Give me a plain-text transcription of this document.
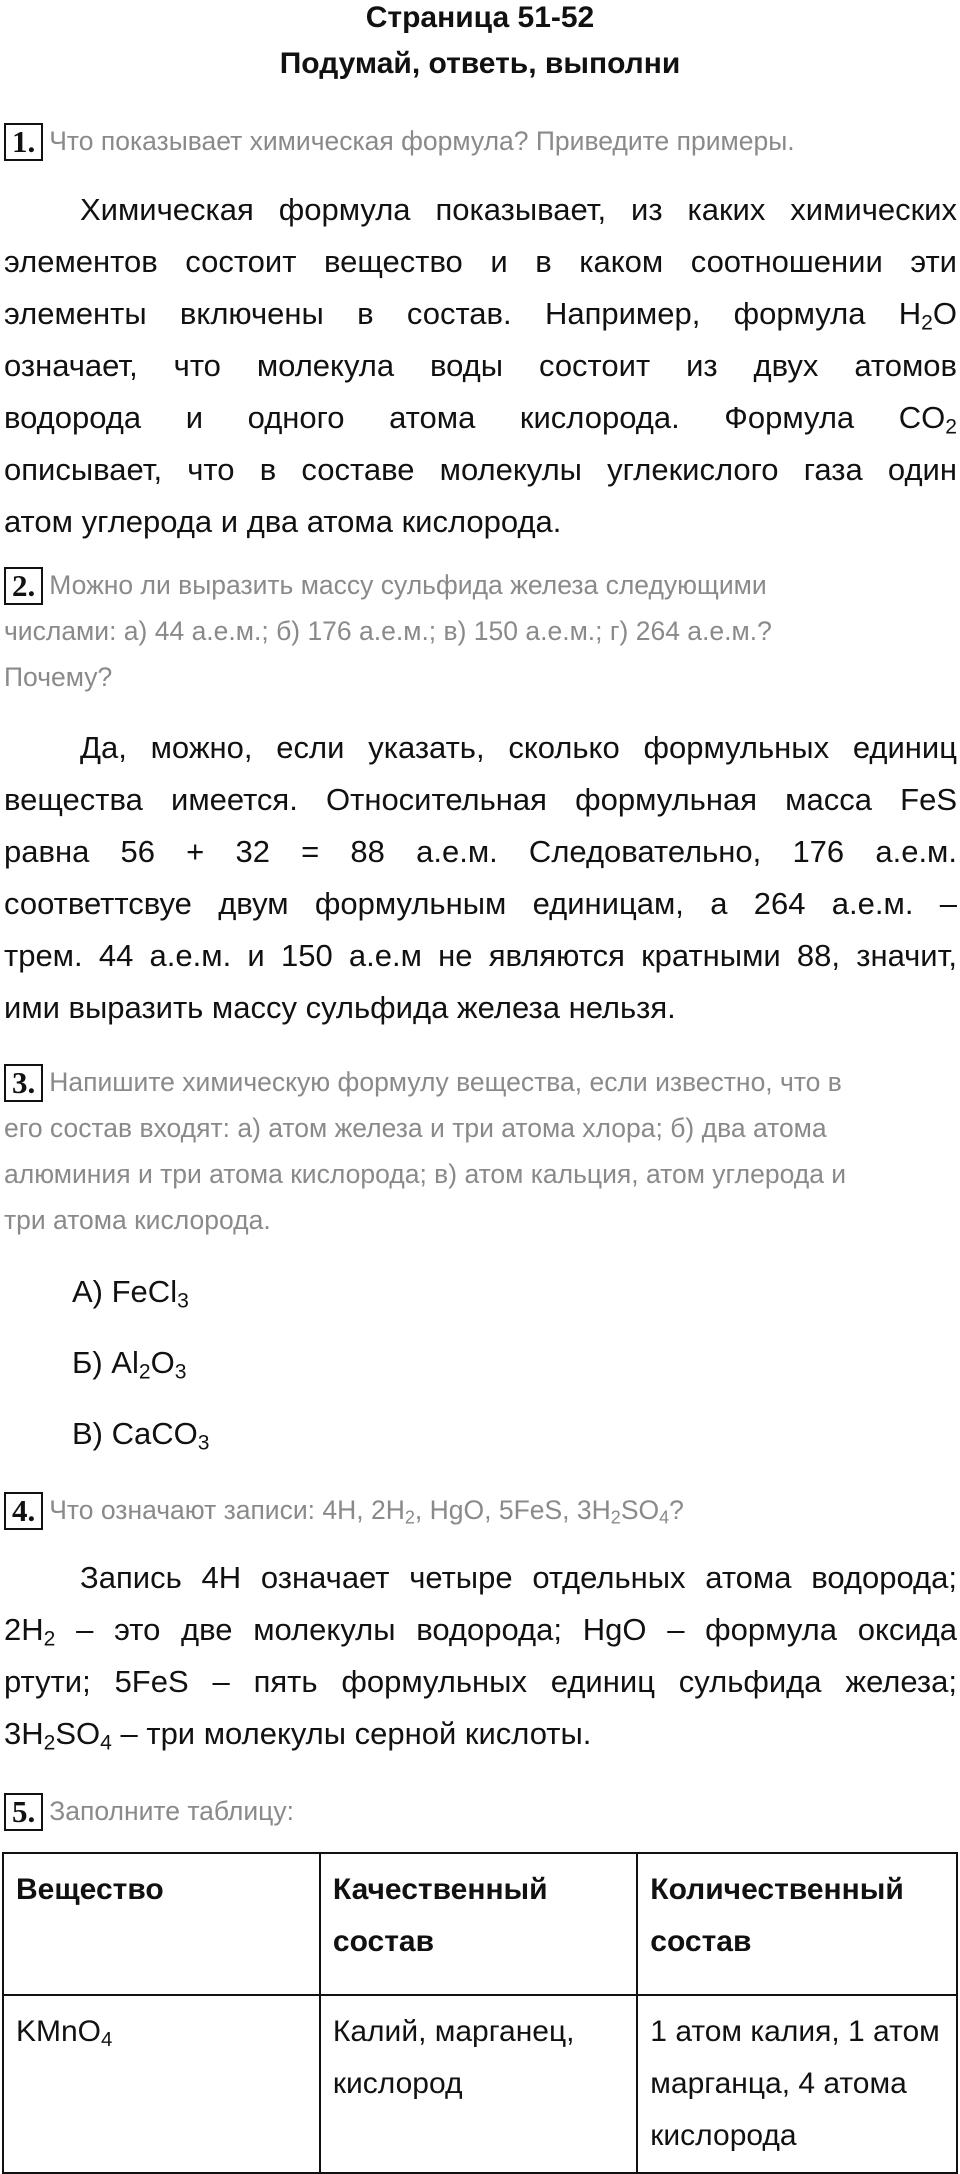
Страница 51-52
Подумай, ответь, выполни
1. Что показывает химическая формула? Приведите примеры.
Химическая формула показывает, из каких химических
элементов состоит вещество и в каком соотношении эти
элементы включены в состав. Например, формула $H_2O$
означает, что молекула воды состоит из двух атомов
водорода и одного атома кислорода. Формула $CO_2$
описывает, что в составе молекулы углекислого газа один
атом углерода и два атома кислорода.
2. Можно ли выразить массу сульфида железа следующими
числами: а) 44 а.е.м.; б) 176 а.е.м.; в) 150 а.е.м.; г) 264 а.е.м.?
Почему?
Да, можно, если указать, сколько формульных единиц
вещества имеется. Относительная формульная масса FeS
равна 56 + 32 = 88 а.е.м. Следовательно, 176 а.е.м.
соответтсвуе двум формульным единицам, а 264 а.е.м. –
трем. 44 а.е.м. и 150 а.е.м не являются кратными 88, значит,
ими выразить массу сульфида железа нельзя.
3. Напишите химическую формулу вещества, если известно, что в
его состав входят: а) атом железа и три атома хлора; б) два атома
алюминия и три атома кислорода; в) атом кальция, атом углерода и
три атома кислорода.
А) FeCl$_3$
Б) $Al_2O_3$
В) CaCO$_3$
4. Что означают записи: 4H, $2H_2$, HgO, 5FeS, $3H_2SO_4$?
Запись 4H означает четыре отдельных атома водорода;
$2H_2$ – это две молекулы водорода; HgO – формула оксида
ртути; 5FeS – пять формульных единиц сульфида железа;
$3H_2SO_4$ – три молекулы серной кислоты.
5. Заполните таблицу:
Вещество	Качественный состав	Количественный состав
KMnO$_4$	Калий, марганец, кислород	1 атом калия, 1 атом марганца, 4 атома кислорода
